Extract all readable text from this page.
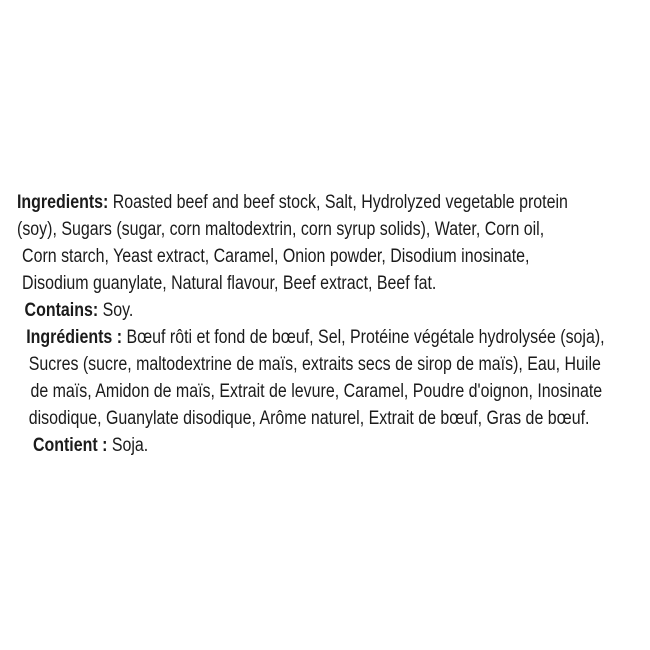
Ingredients: Roasted beef and beef stock, Salt, Hydrolyzed vegetable protein
(soy), Sugars (sugar, corn maltodextrin, corn syrup solids), Water, Corn oil,
Corn starch, Yeast extract, Caramel, Onion powder, Disodium inosinate,
Disodium guanylate, Natural flavour, Beef extract, Beef fat.
Contains: Soy.
Ingrédients : Bœuf rôti et fond de bœuf, Sel, Protéine végétale hydrolysée (soja),
Sucres (sucre, maltodextrine de maïs, extraits secs de sirop de maïs), Eau, Huile
de maïs, Amidon de maïs, Extrait de levure, Caramel, Poudre d'oignon, Inosinate
disodique, Guanylate disodique, Arôme naturel, Extrait de bœuf, Gras de bœuf.
Contient : Soja.
